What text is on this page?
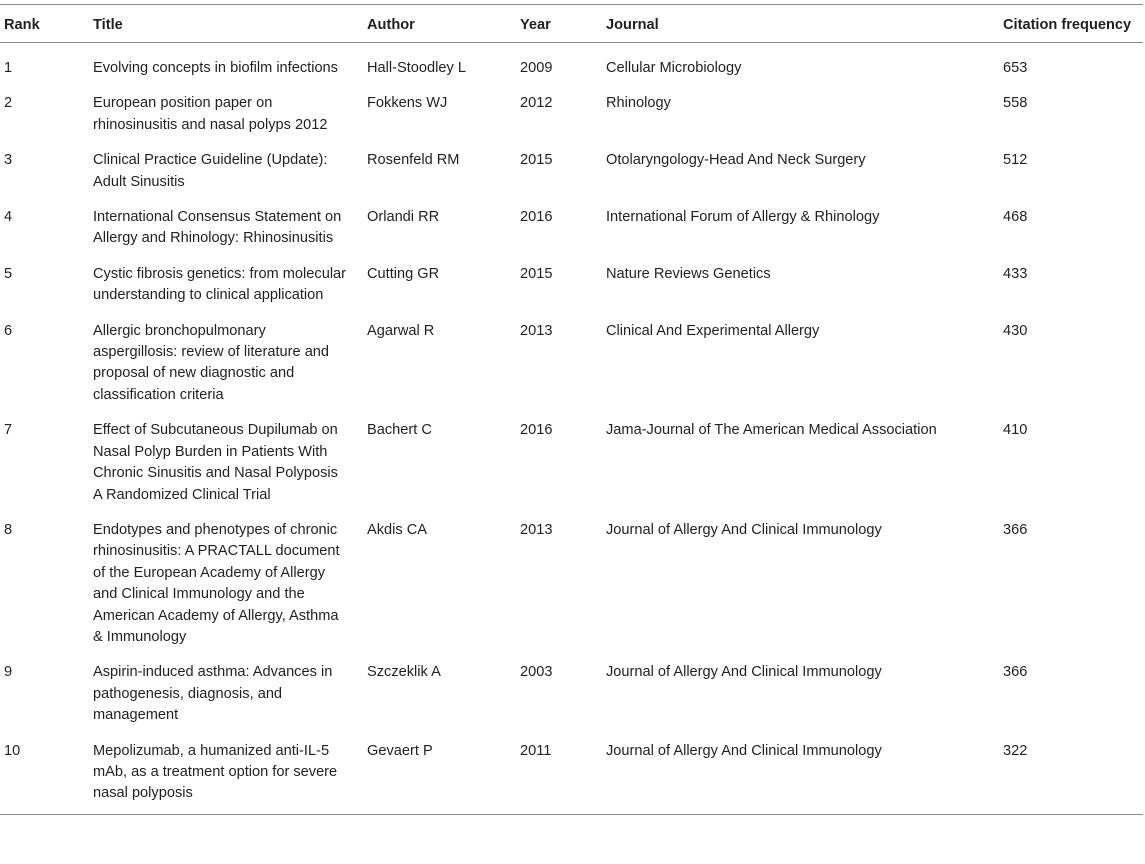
Rank	Title	Author	Year	Journal	Citation frequency
1	Evolving concepts in biofilm infections	Hall-Stoodley L	2009	Cellular Microbiology	653
2	European position paper on rhinosinusitis and nasal polyps 2012	Fokkens WJ	2012	Rhinology	558
3	Clinical Practice Guideline (Update): Adult Sinusitis	Rosenfeld RM	2015	Otolaryngology-Head And Neck Surgery	512
4	International Consensus Statement on Allergy and Rhinology: Rhinosinusitis	Orlandi RR	2016	International Forum of Allergy & Rhinology	468
5	Cystic fibrosis genetics: from molecular understanding to clinical application	Cutting GR	2015	Nature Reviews Genetics	433
6	Allergic bronchopulmonary aspergillosis: review of literature and proposal of new diagnostic and classification criteria	Agarwal R	2013	Clinical And Experimental Allergy	430
7	Effect of Subcutaneous Dupilumab on Nasal Polyp Burden in Patients With Chronic Sinusitis and Nasal Polyposis A Randomized Clinical Trial	Bachert C	2016	Jama-Journal of The American Medical Association	410
8	Endotypes and phenotypes of chronic rhinosinusitis: A PRACTALL document of the European Academy of Allergy and Clinical Immunology and the American Academy of Allergy, Asthma & Immunology	Akdis CA	2013	Journal of Allergy And Clinical Immunology	366
9	Aspirin-induced asthma: Advances in pathogenesis, diagnosis, and management	Szczeklik A	2003	Journal of Allergy And Clinical Immunology	366
10	Mepolizumab, a humanized anti-IL-5 mAb, as a treatment option for severe nasal polyposis	Gevaert P	2011	Journal of Allergy And Clinical Immunology	322
